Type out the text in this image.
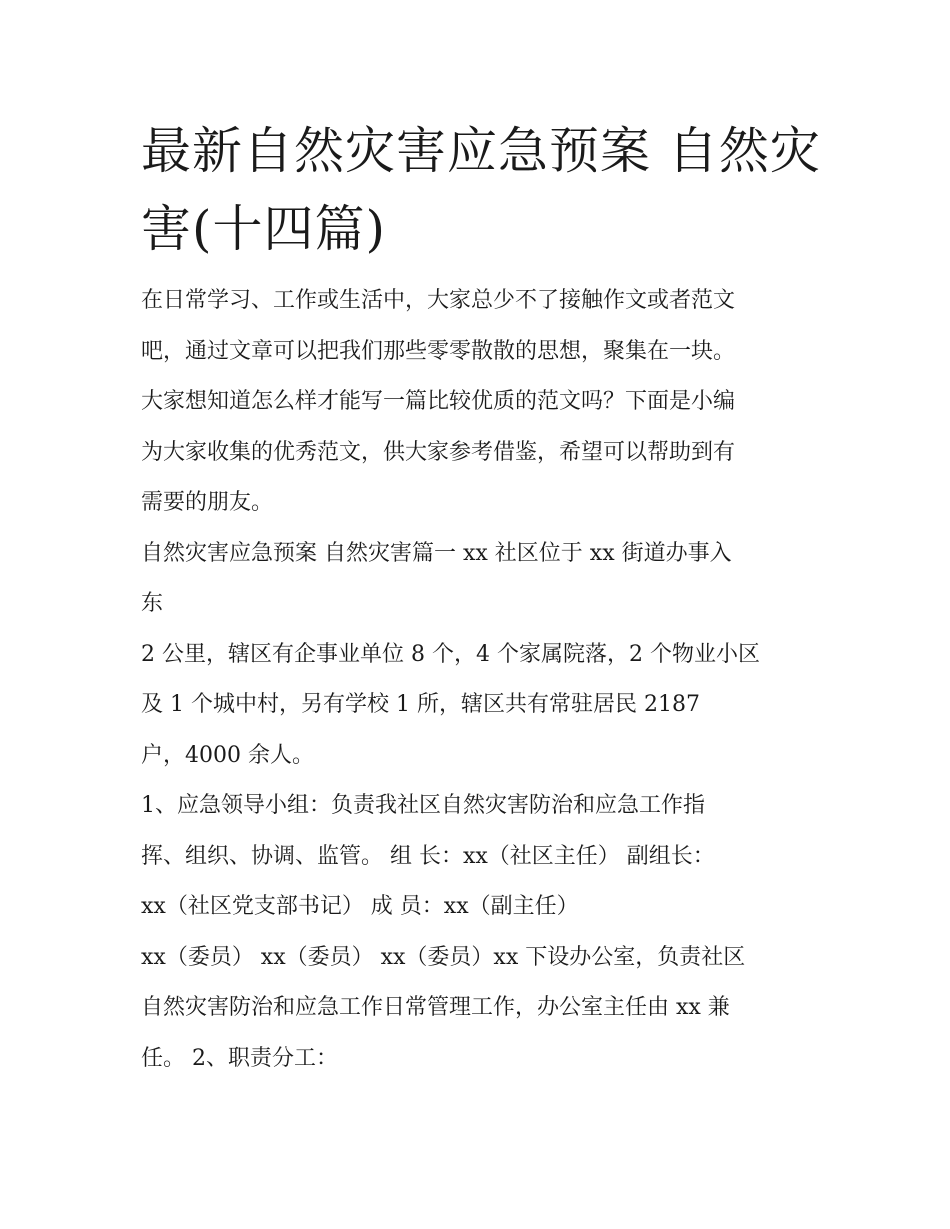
最新自然灾害应急预案 自然灾
害(十四篇)
在日常学习、工作或生活中，大家总少不了接触作文或者范文
吧，通过文章可以把我们那些零零散散的思想，聚集在一块。
大家想知道怎么样才能写一篇比较优质的范文吗？下面是小编
为大家收集的优秀范文，供大家参考借鉴，希望可以帮助到有
需要的朋友。
自然灾害应急预案 自然灾害篇一 xx 社区位于 xx 街道办事入
东
2 公里，辖区有企事业单位 8 个，4 个家属院落，2 个物业小区
及 1 个城中村，另有学校 1 所，辖区共有常驻居民 2187
户，4000 余人。
1、应急领导小组：负责我社区自然灾害防治和应急工作指
挥、组织、协调、监管。 组 长：xx（社区主任） 副组长：
xx（社区党支部书记） 成 员：xx（副主任）
xx（委员） xx（委员） xx（委员）xx 下设办公室，负责社区
自然灾害防治和应急工作日常管理工作，办公室主任由 xx 兼
任。 2、职责分工：
